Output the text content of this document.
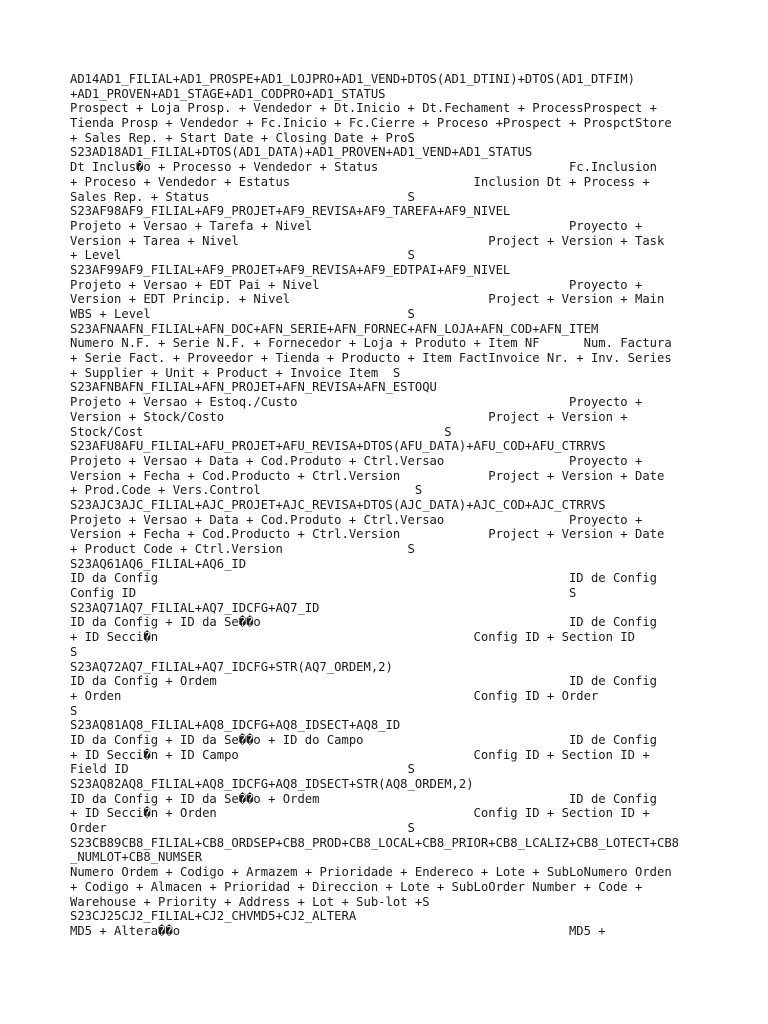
AD14AD1_FILIAL+AD1_PROSPE+AD1_LOJPRO+AD1_VEND+DTOS(AD1_DTINI)+DTOS(AD1_DTFIM)
+AD1_PROVEN+AD1_STAGE+AD1_CODPRO+AD1_STATUS
Prospect + Loja Prosp. + Vendedor + Dt.Inicio + Dt.Fechament + ProcessProspect +
Tienda Prosp + Vendedor + Fc.Inicio + Fc.Cierre + Proceso +Prospect + ProspctStore
+ Sales Rep. + Start Date + Closing Date + ProS
S23AD18AD1_FILIAL+DTOS(AD1_DATA)+AD1_PROVEN+AD1_VEND+AD1_STATUS
Dt Inclus�o + Processo + Vendedor + Status                          Fc.Inclusion
+ Proceso + Vendedor + Estatus                         Inclusion Dt + Process +
Sales Rep. + Status                           S
S23AF98AF9_FILIAL+AF9_PROJET+AF9_REVISA+AF9_TAREFA+AF9_NIVEL
Projeto + Versao + Tarefa + Nivel                                   Proyecto +
Version + Tarea + Nivel                                  Project + Version + Task
+ Level                                       S
S23AF99AF9_FILIAL+AF9_PROJET+AF9_REVISA+AF9_EDTPAI+AF9_NIVEL
Projeto + Versao + EDT Pai + Nivel                                  Proyecto +
Version + EDT Princip. + Nivel                           Project + Version + Main
WBS + Level                                   S
S23AFNAAFN_FILIAL+AFN_DOC+AFN_SERIE+AFN_FORNEC+AFN_LOJA+AFN_COD+AFN_ITEM
Numero N.F. + Serie N.F. + Fornecedor + Loja + Produto + Item NF      Num. Factura
+ Serie Fact. + Proveedor + Tienda + Producto + Item FactInvoice Nr. + Inv. Series
+ Supplier + Unit + Product + Invoice Item  S
S23AFNBAFN_FILIAL+AFN_PROJET+AFN_REVISA+AFN_ESTOQU
Projeto + Versao + Estoq./Custo                                     Proyecto +
Version + Stock/Costo                                    Project + Version +
Stock/Cost                                         S
S23AFU8AFU_FILIAL+AFU_PROJET+AFU_REVISA+DTOS(AFU_DATA)+AFU_COD+AFU_CTRRVS
Projeto + Versao + Data + Cod.Produto + Ctrl.Versao                 Proyecto +
Version + Fecha + Cod.Producto + Ctrl.Version            Project + Version + Date
+ Prod.Code + Vers.Control                     S
S23AJC3AJC_FILIAL+AJC_PROJET+AJC_REVISA+DTOS(AJC_DATA)+AJC_COD+AJC_CTRRVS
Projeto + Versao + Data + Cod.Produto + Ctrl.Versao                 Proyecto +
Version + Fecha + Cod.Producto + Ctrl.Version            Project + Version + Date
+ Product Code + Ctrl.Version                 S
S23AQ61AQ6_FILIAL+AQ6_ID
ID da Config                                                        ID de Config
Config ID                                                           S
S23AQ71AQ7_FILIAL+AQ7_IDCFG+AQ7_ID
ID da Config + ID da Se��o                                          ID de Config
+ ID Secci�n                                           Config ID + Section ID
S
S23AQ72AQ7_FILIAL+AQ7_IDCFG+STR(AQ7_ORDEM,2)
ID da Config + Ordem                                                ID de Config
+ Orden                                                Config ID + Order
S
S23AQ81AQ8_FILIAL+AQ8_IDCFG+AQ8_IDSECT+AQ8_ID
ID da Config + ID da Se��o + ID do Campo                            ID de Config
+ ID Secci�n + ID Campo                                Config ID + Section ID +
Field ID                                      S
S23AQ82AQ8_FILIAL+AQ8_IDCFG+AQ8_IDSECT+STR(AQ8_ORDEM,2)
ID da Config + ID da Se��o + Ordem                                  ID de Config
+ ID Secci�n + Orden                                   Config ID + Section ID +
Order                                         S
S23CB89CB8_FILIAL+CB8_ORDSEP+CB8_PROD+CB8_LOCAL+CB8_PRIOR+CB8_LCALIZ+CB8_LOTECT+CB8
_NUMLOT+CB8_NUMSER
Numero Ordem + Codigo + Armazem + Prioridade + Endereco + Lote + SubLoNumero Orden
+ Codigo + Almacen + Prioridad + Direccion + Lote + SubLoOrder Number + Code +
Warehouse + Priority + Address + Lot + Sub-lot +S
S23CJ25CJ2_FILIAL+CJ2_CHVMD5+CJ2_ALTERA
MD5 + Altera��o                                                     MD5 +
